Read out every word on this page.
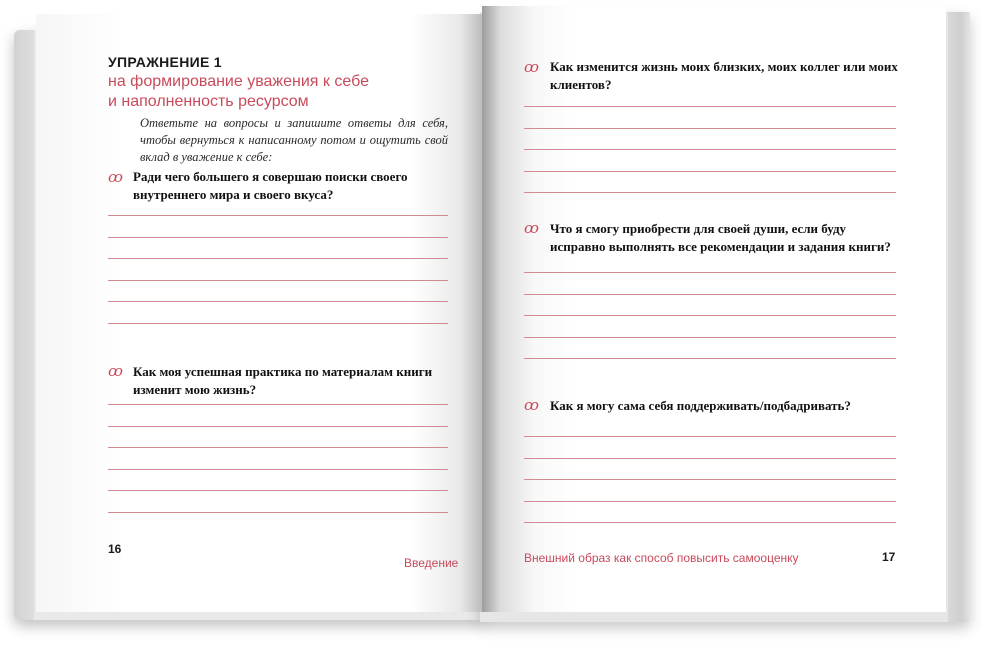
УПРАЖНЕНИЕ 1
на формирование уважения к себе
и наполненность ресурсом
Ответьте на вопросы и запишите ответы для себя, чтобы вернуться к написанному потом и ощутить свой вклад в уважение к себе:
ꝏ Ради чего большего я совершаю поиски своего внутреннего мира и своего вкуса?
ꝏ Как моя успешная практика по материалам книги изменит мою жизнь?
16
Введение
ꝏ Как изменится жизнь моих близких, моих коллег или моих клиентов?
ꝏ Что я смогу приобрести для своей души, если буду исправно выполнять все рекомендации и задания книги?
ꝏ Как я могу сама себя поддерживать/подбадривать?
Внешний образ как способ повысить самооценку	17
